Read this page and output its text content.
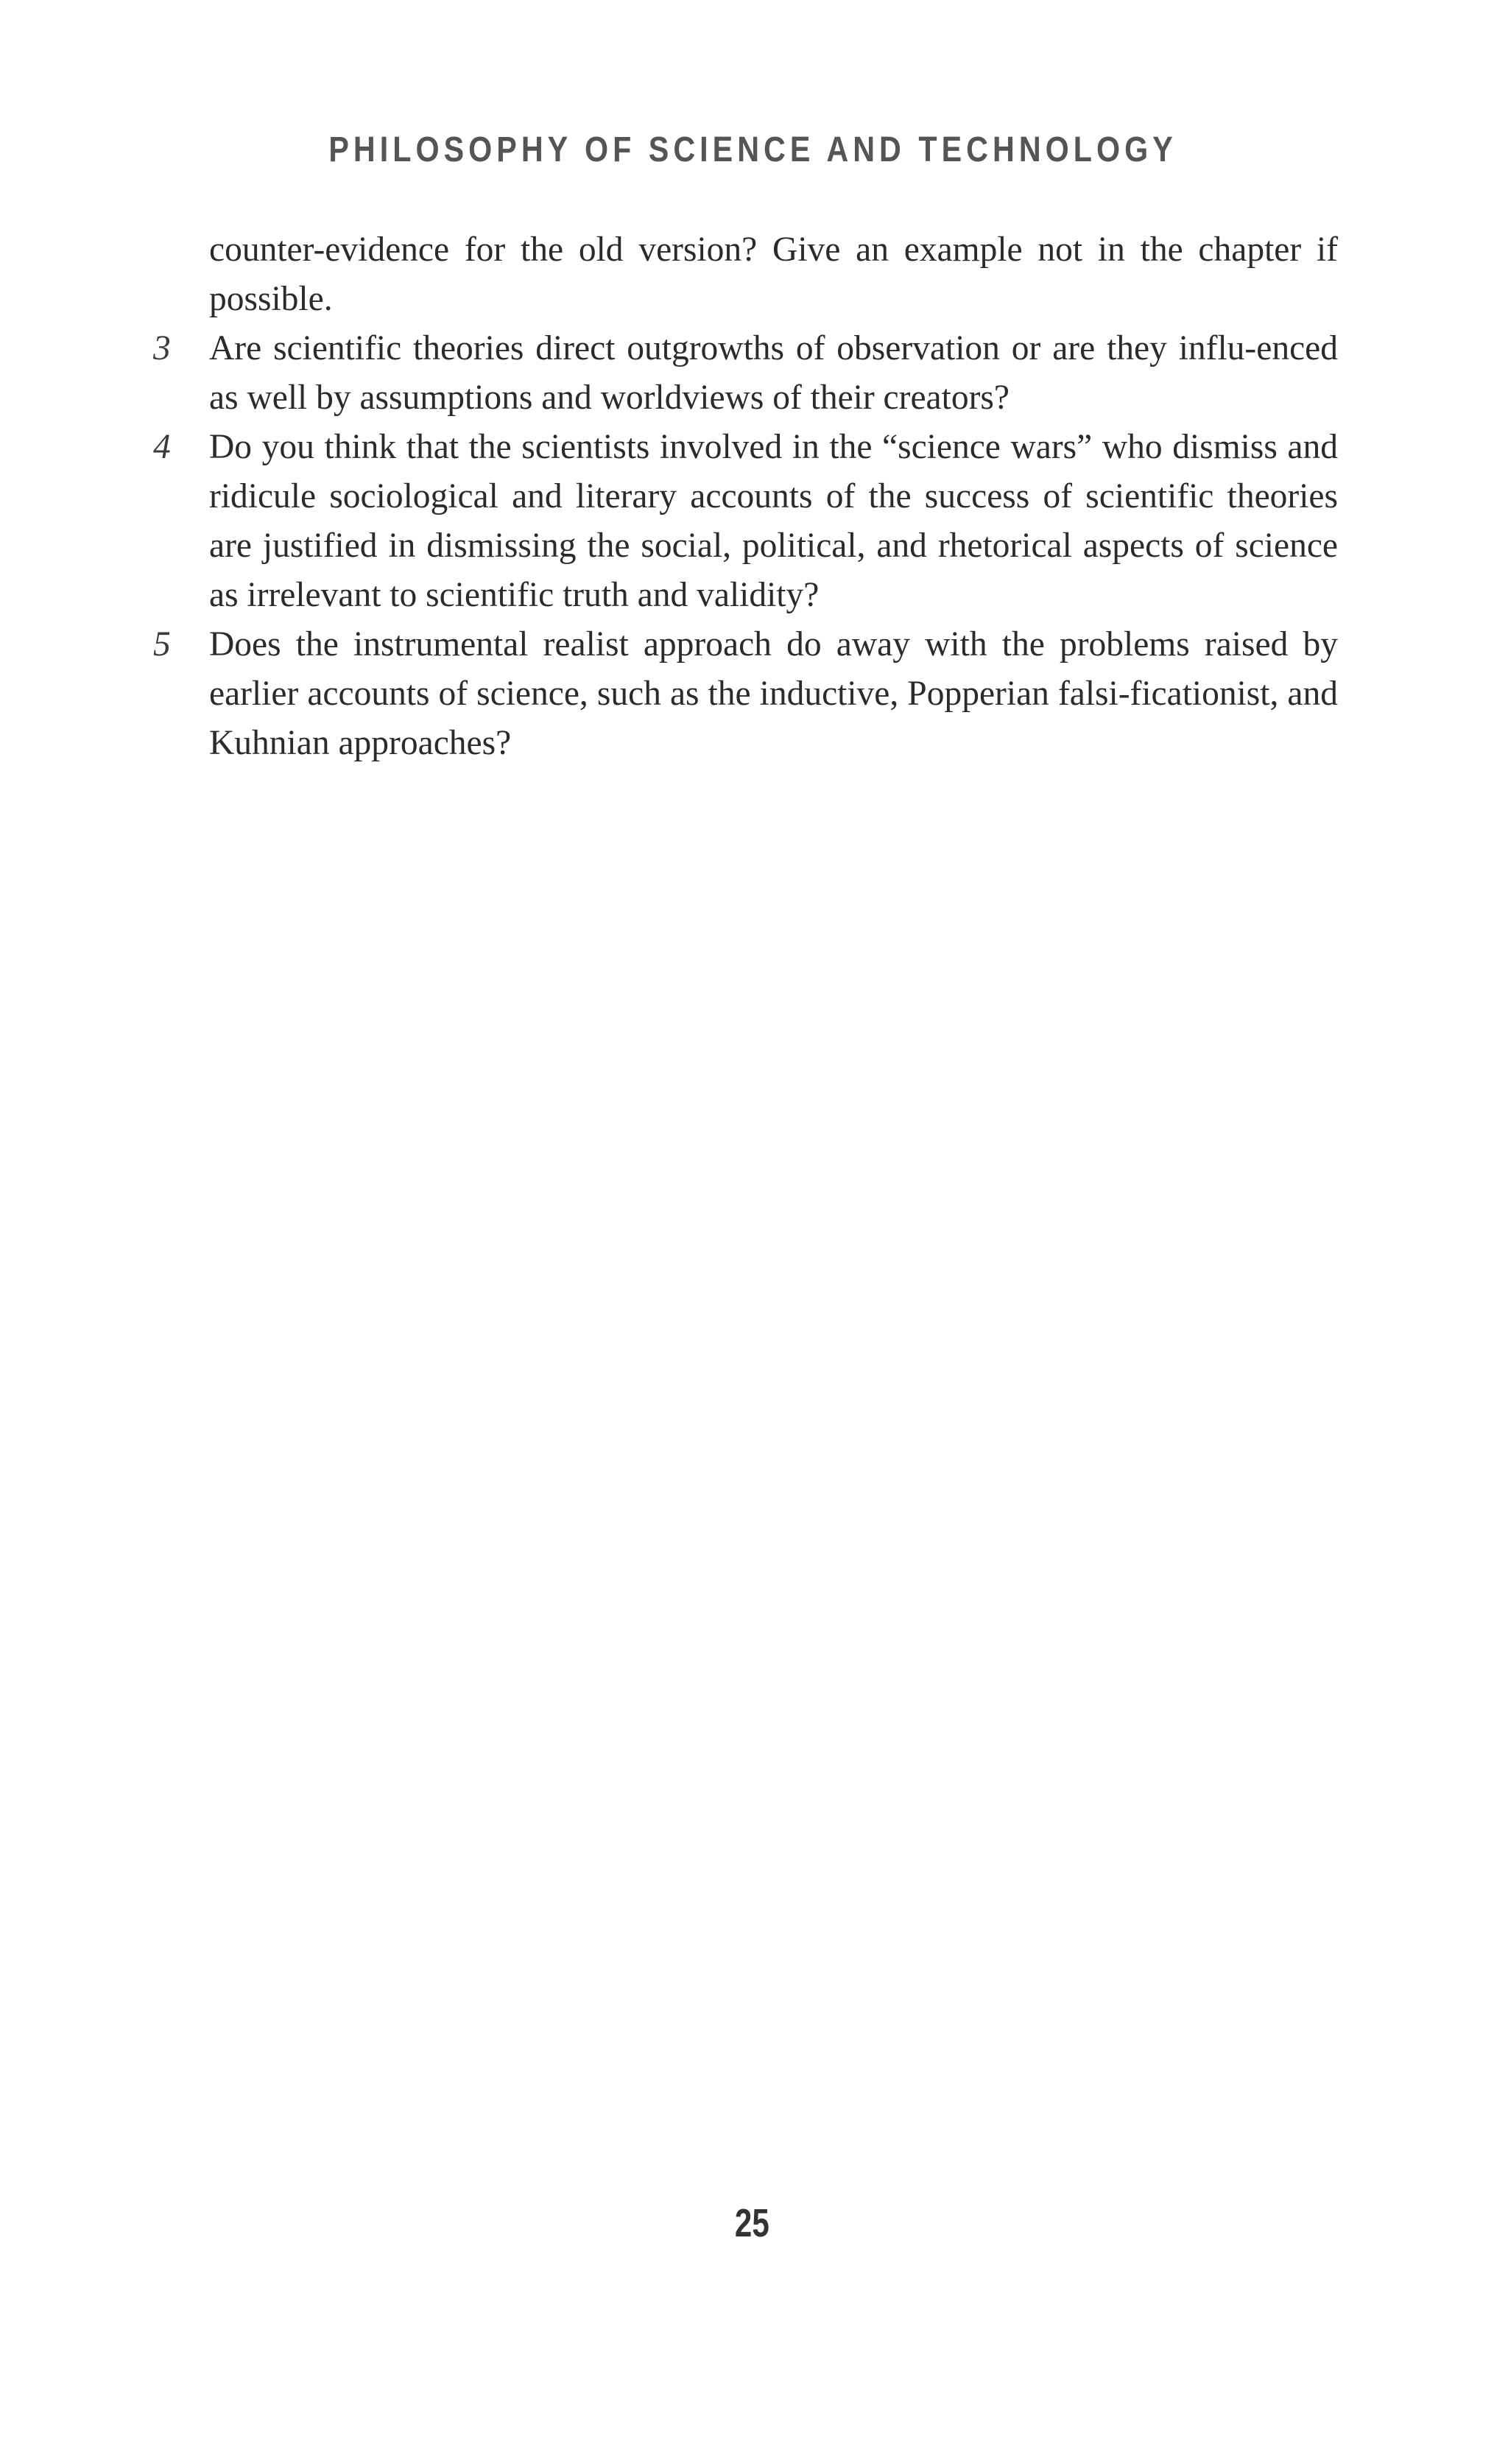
PHILOSOPHY OF SCIENCE AND TECHNOLOGY

counter-evidence for the old version? Give an example not in the chapter if possible.

3	Are scientific theories direct outgrowths of observation or are they influ-enced as well by assumptions and worldviews of their creators?

4	Do you think that the scientists involved in the “science wars” who dismiss and ridicule sociological and literary accounts of the success of scientific theories are justified in dismissing the social, political, and rhetorical aspects of science as irrelevant to scientific truth and validity?

5	Does the instrumental realist approach do away with the problems raised by earlier accounts of science, such as the inductive, Popperian falsi-ficationist, and Kuhnian approaches?

25
